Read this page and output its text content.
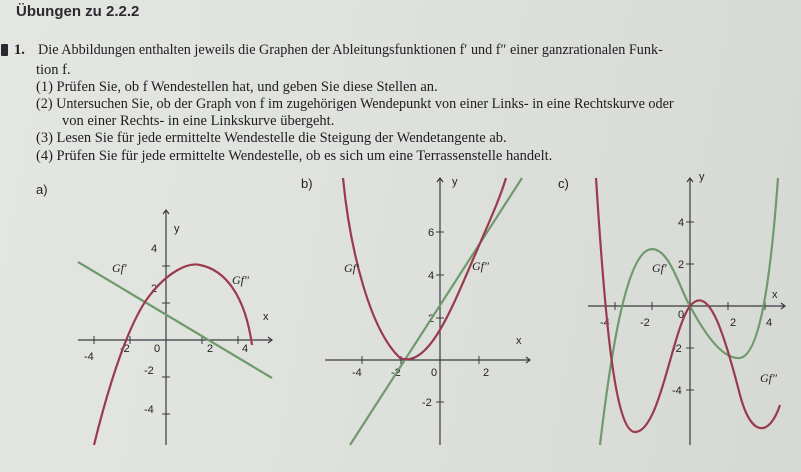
Übungen zu 2.2.2
1. Die Abbildungen enthalten jeweils die Graphen der Ableitungsfunktionen f′ und f″ einer ganzrationalen Funk-
tion f.
(1) Prüfen Sie, ob f Wendestellen hat, und geben Sie diese Stellen an.
(2) Untersuchen Sie, ob der Graph von f im zugehörigen Wendepunkt von einer Links- in eine Rechtskurve oder
von einer Rechts- in eine Linkskurve übergeht.
(3) Lesen Sie für jede ermittelte Wendestelle die Steigung der Wendetangente ab.
(4) Prüfen Sie für jede ermittelte Wendestelle, ob es sich um eine Terrassenstelle handelt.
a)	b)	c)
-4
-2 0	2	4
4
2
-2
-4
x
y
Gf′
Gf″
-4	-2	0	2
6
4
2
-2
x
y
Gf′	Gf″
-4	-2
0
2	4
4
2
-2
-4
x
y
Gf′
Gf″
